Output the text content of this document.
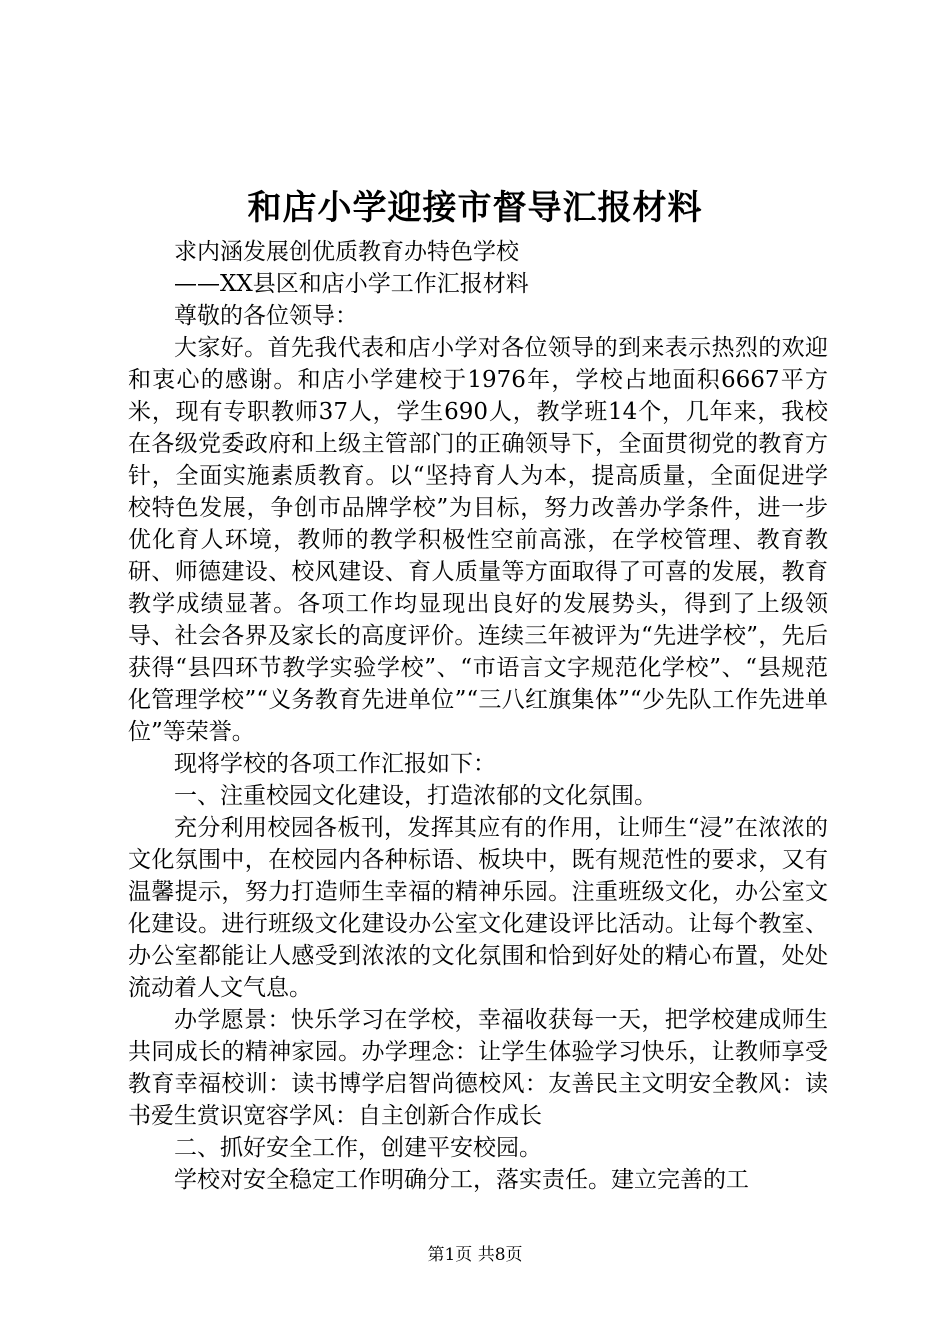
和店小学迎接市督导汇报材料

求内涵发展创优质教育办特色学校

——XX县区和店小学工作汇报材料

尊敬的各位领导：

大家好。首先我代表和店小学对各位领导的到来表示热烈的欢迎和衷心的感谢。和店小学建校于1976年，学校占地面积6667平方米，现有专职教师37人，学生690人，教学班14个，几年来，我校在各级党委政府和上级主管部门的正确领导下，全面贯彻党的教育方针，全面实施素质教育。以“坚持育人为本，提高质量，全面促进学校特色发展，争创市品牌学校”为目标，努力改善办学条件，进一步优化育人环境，教师的教学积极性空前高涨，在学校管理、教育教研、师德建设、校风建设、育人质量等方面取得了可喜的发展，教育教学成绩显著。各项工作均显现出良好的发展势头，得到了上级领导、社会各界及家长的高度评价。连续三年被评为“先进学校”，先后获得“县四环节教学实验学校”、“市语言文字规范化学校”、“县规范化管理学校”“义务教育先进单位”“三八红旗集体”“少先队工作先进单位”等荣誉。

现将学校的各项工作汇报如下：

一、注重校园文化建设，打造浓郁的文化氛围。

充分利用校园各板刊，发挥其应有的作用，让师生“浸”在浓浓的文化氛围中，在校园内各种标语、板块中，既有规范性的要求，又有温馨提示，努力打造师生幸福的精神乐园。注重班级文化，办公室文化建设。进行班级文化建设办公室文化建设评比活动。让每个教室、办公室都能让人感受到浓浓的文化氛围和恰到好处的精心布置，处处流动着人文气息。

办学愿景：快乐学习在学校，幸福收获每一天，把学校建成师生共同成长的精神家园。办学理念：让学生体验学习快乐，让教师享受教育幸福校训：读书博学启智尚德校风：友善民主文明安全教风：读书爱生赏识宽容学风：自主创新合作成长

二、抓好安全工作，创建平安校园。

学校对安全稳定工作明确分工，落实责任。建立完善的工

第1页 共8页
